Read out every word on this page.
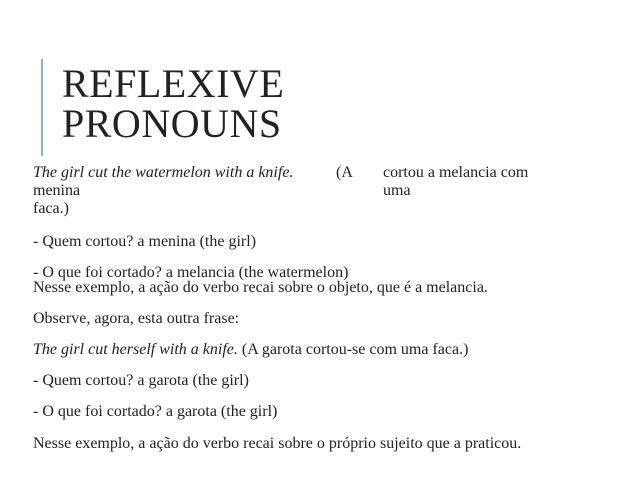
REFLEXIVE
PRONOUNS

The girl cut the watermelon with a knife.	(A

menina

faca.)

cortou a melancia com

uma

- Quem cortou? a menina (the girl)

- O que foi cortado? a melancia (the watermelon)

Nesse exemplo, a ação do verbo recai sobre o objeto, que é a melancia.

Observe, agora, esta outra frase:

The girl cut herself with a knife. (A garota cortou-se com uma faca.)

- Quem cortou? a garota (the girl)

- O que foi cortado? a garota (the girl)

Nesse exemplo, a ação do verbo recai sobre o próprio sujeito que a praticou.
